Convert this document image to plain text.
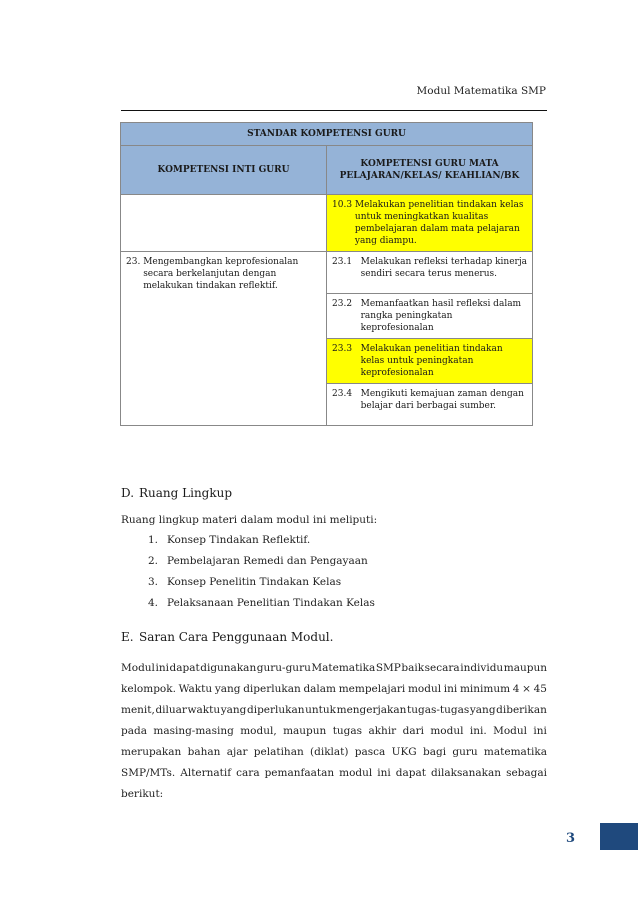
Modul Matematika SMP
STANDAR KOMPETENSI GURU	
KOMPETENSI INTI GURU	KOMPETENSI GURU MATA PELAJARAN/KELAS/ KEAHLIAN/BK

	10.3 Melakukan penelitian tindakan kelas untuk meningkatkan kualitas pembelajaran dalam mata pelajaran yang diampu.

23. Mengembangkan keprofesionalan secara berkelanjutan dengan melakukan tindakan reflektif.	23.1 Melakukan refleksi terhadap kinerja sendiri secara terus menerus.

	23.2 Memanfaatkan hasil refleksi dalam rangka peningkatan keprofesionalan

	23.3 Melakukan penelitian tindakan kelas untuk peningkatan keprofesionalan

	23.4 Mengikuti kemajuan zaman dengan belajar dari berbagai sumber.
D. Ruang Lingkup
Ruang lingkup materi dalam modul ini meliputi:
1. Konsep Tindakan Reflektif.
2. Pembelajaran Remedi dan Pengayaan
3. Konsep Penelitin Tindakan Kelas
4. Pelaksanaan Penelitian Tindakan Kelas
E. Saran Cara Penggunaan Modul.
Modul ini dapat digunakan guru-guru Matematika SMP baik secara individu maupun
kelompok. Waktu yang diperlukan dalam mempelajari modul ini minimum 4 × 45
menit, diluar waktu yang diperlukan untuk mengerjakan tugas-tugas yang diberikan
pada masing-masing modul, maupun tugas akhir dari modul ini. Modul ini
merupakan bahan ajar pelatihan (diklat) pasca UKG bagi guru matematika
SMP/MTs. Alternatif cara pemanfaatan modul ini dapat dilaksanakan sebagai
berikut:
3
